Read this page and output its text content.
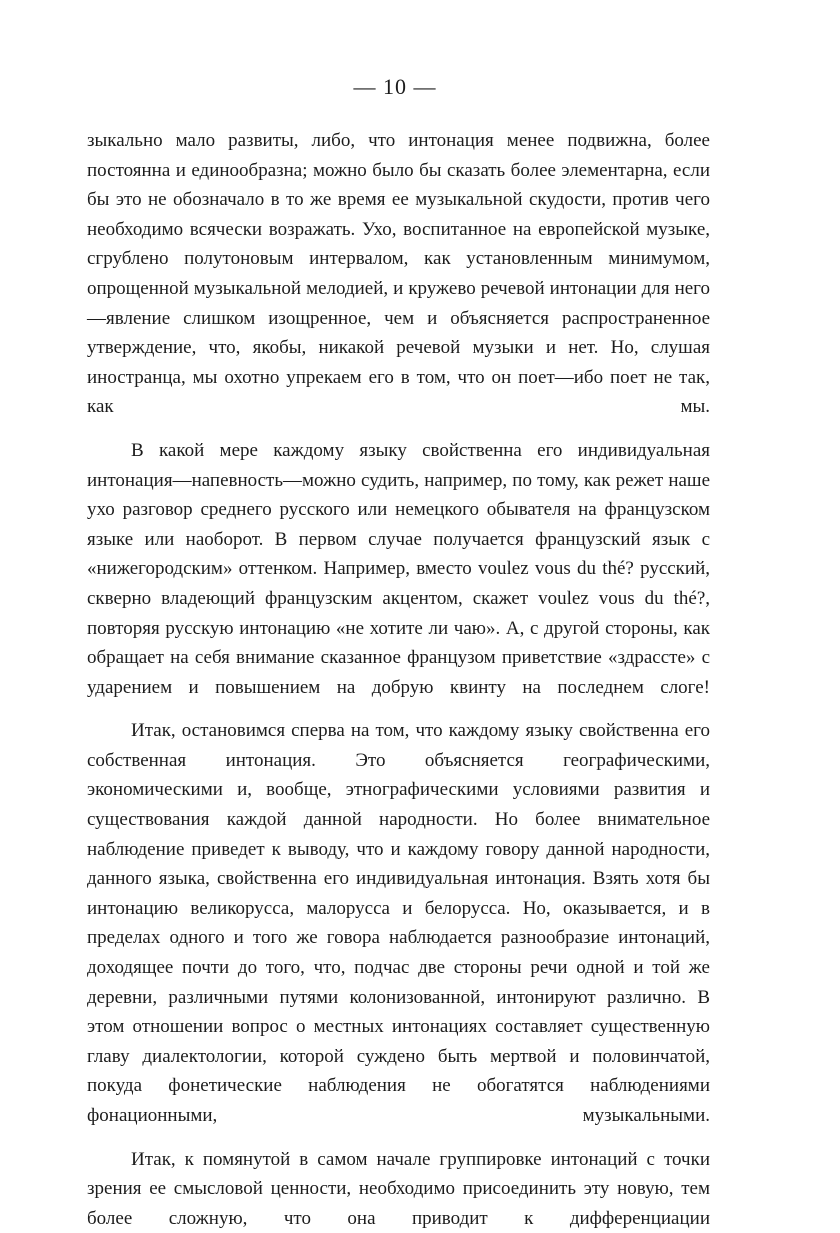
— 10 —

зыкально мало развиты, либо, что интонация менее подвижна, более постоянна и единообразна; можно было бы сказать более элементарна, если бы это не обозначало в то же время ее музыкальной скудости, против чего необходимо всячески возражать. Ухо, воспитанное на европейской музыке, сгрублено полутоновым интервалом, как установленным минимумом, опрощенной музыкальной мелодией, и кружево речевой интонации для него—явление слишком изощренное, чем и объясняется распространенное утверждение, что, якобы, никакой речевой музыки и нет. Но, слушая иностранца, мы охотно упрекаем его в том, что он поет—ибо поет не так, как мы.

В какой мере каждому языку свойственна его индивидуальная интонация—напевность—можно судить, например, по тому, как режет наше ухо разговор среднего русского или немецкого обывателя на французском языке или наоборот. В первом случае получается французский язык с «нижегородским» оттенком. Например, вместо voulez vous du thé? русский, скверно владеющий французским акцентом, скажет voulez vous du thé?, повторяя русскую интонацию «не хотите ли чаю». А, с другой стороны, как обращает на себя внимание сказанное французом приветствие «здрассте» с ударением и повышением на добрую квинту на последнем слоге!

Итак, остановимся сперва на том, что каждому языку свойственна его собственная интонация. Это объясняется географическими, экономическими и, вообще, этнографическими условиями развития и существования каждой данной народности. Но более внимательное наблюдение приведет к выводу, что и каждому говору данной народности, данного языка, свойственна его индивидуальная интонация. Взять хотя бы интонацию великорусса, малоруссa и белоруссa. Но, оказывается, и в пределах одного и того же говора наблюдается разнообразие интонаций, доходящее почти до того, что, подчас две стороны речи одной и той же деревни, различными путями колонизованной, интонируют различно. В этом отношении вопрос о местных интонациях составляет существенную главу диалектологии, которой суждено быть мертвой и половинчатой, покуда фонетические наблюдения не обогатятся наблюдениями фонационными, музыкальными.

Итак, к помянутой в самом начале группировке интонаций с точки зрения ее смысловой ценности, необходимо присоединить эту новую, тем более сложную, что она приводит к дифференциации
